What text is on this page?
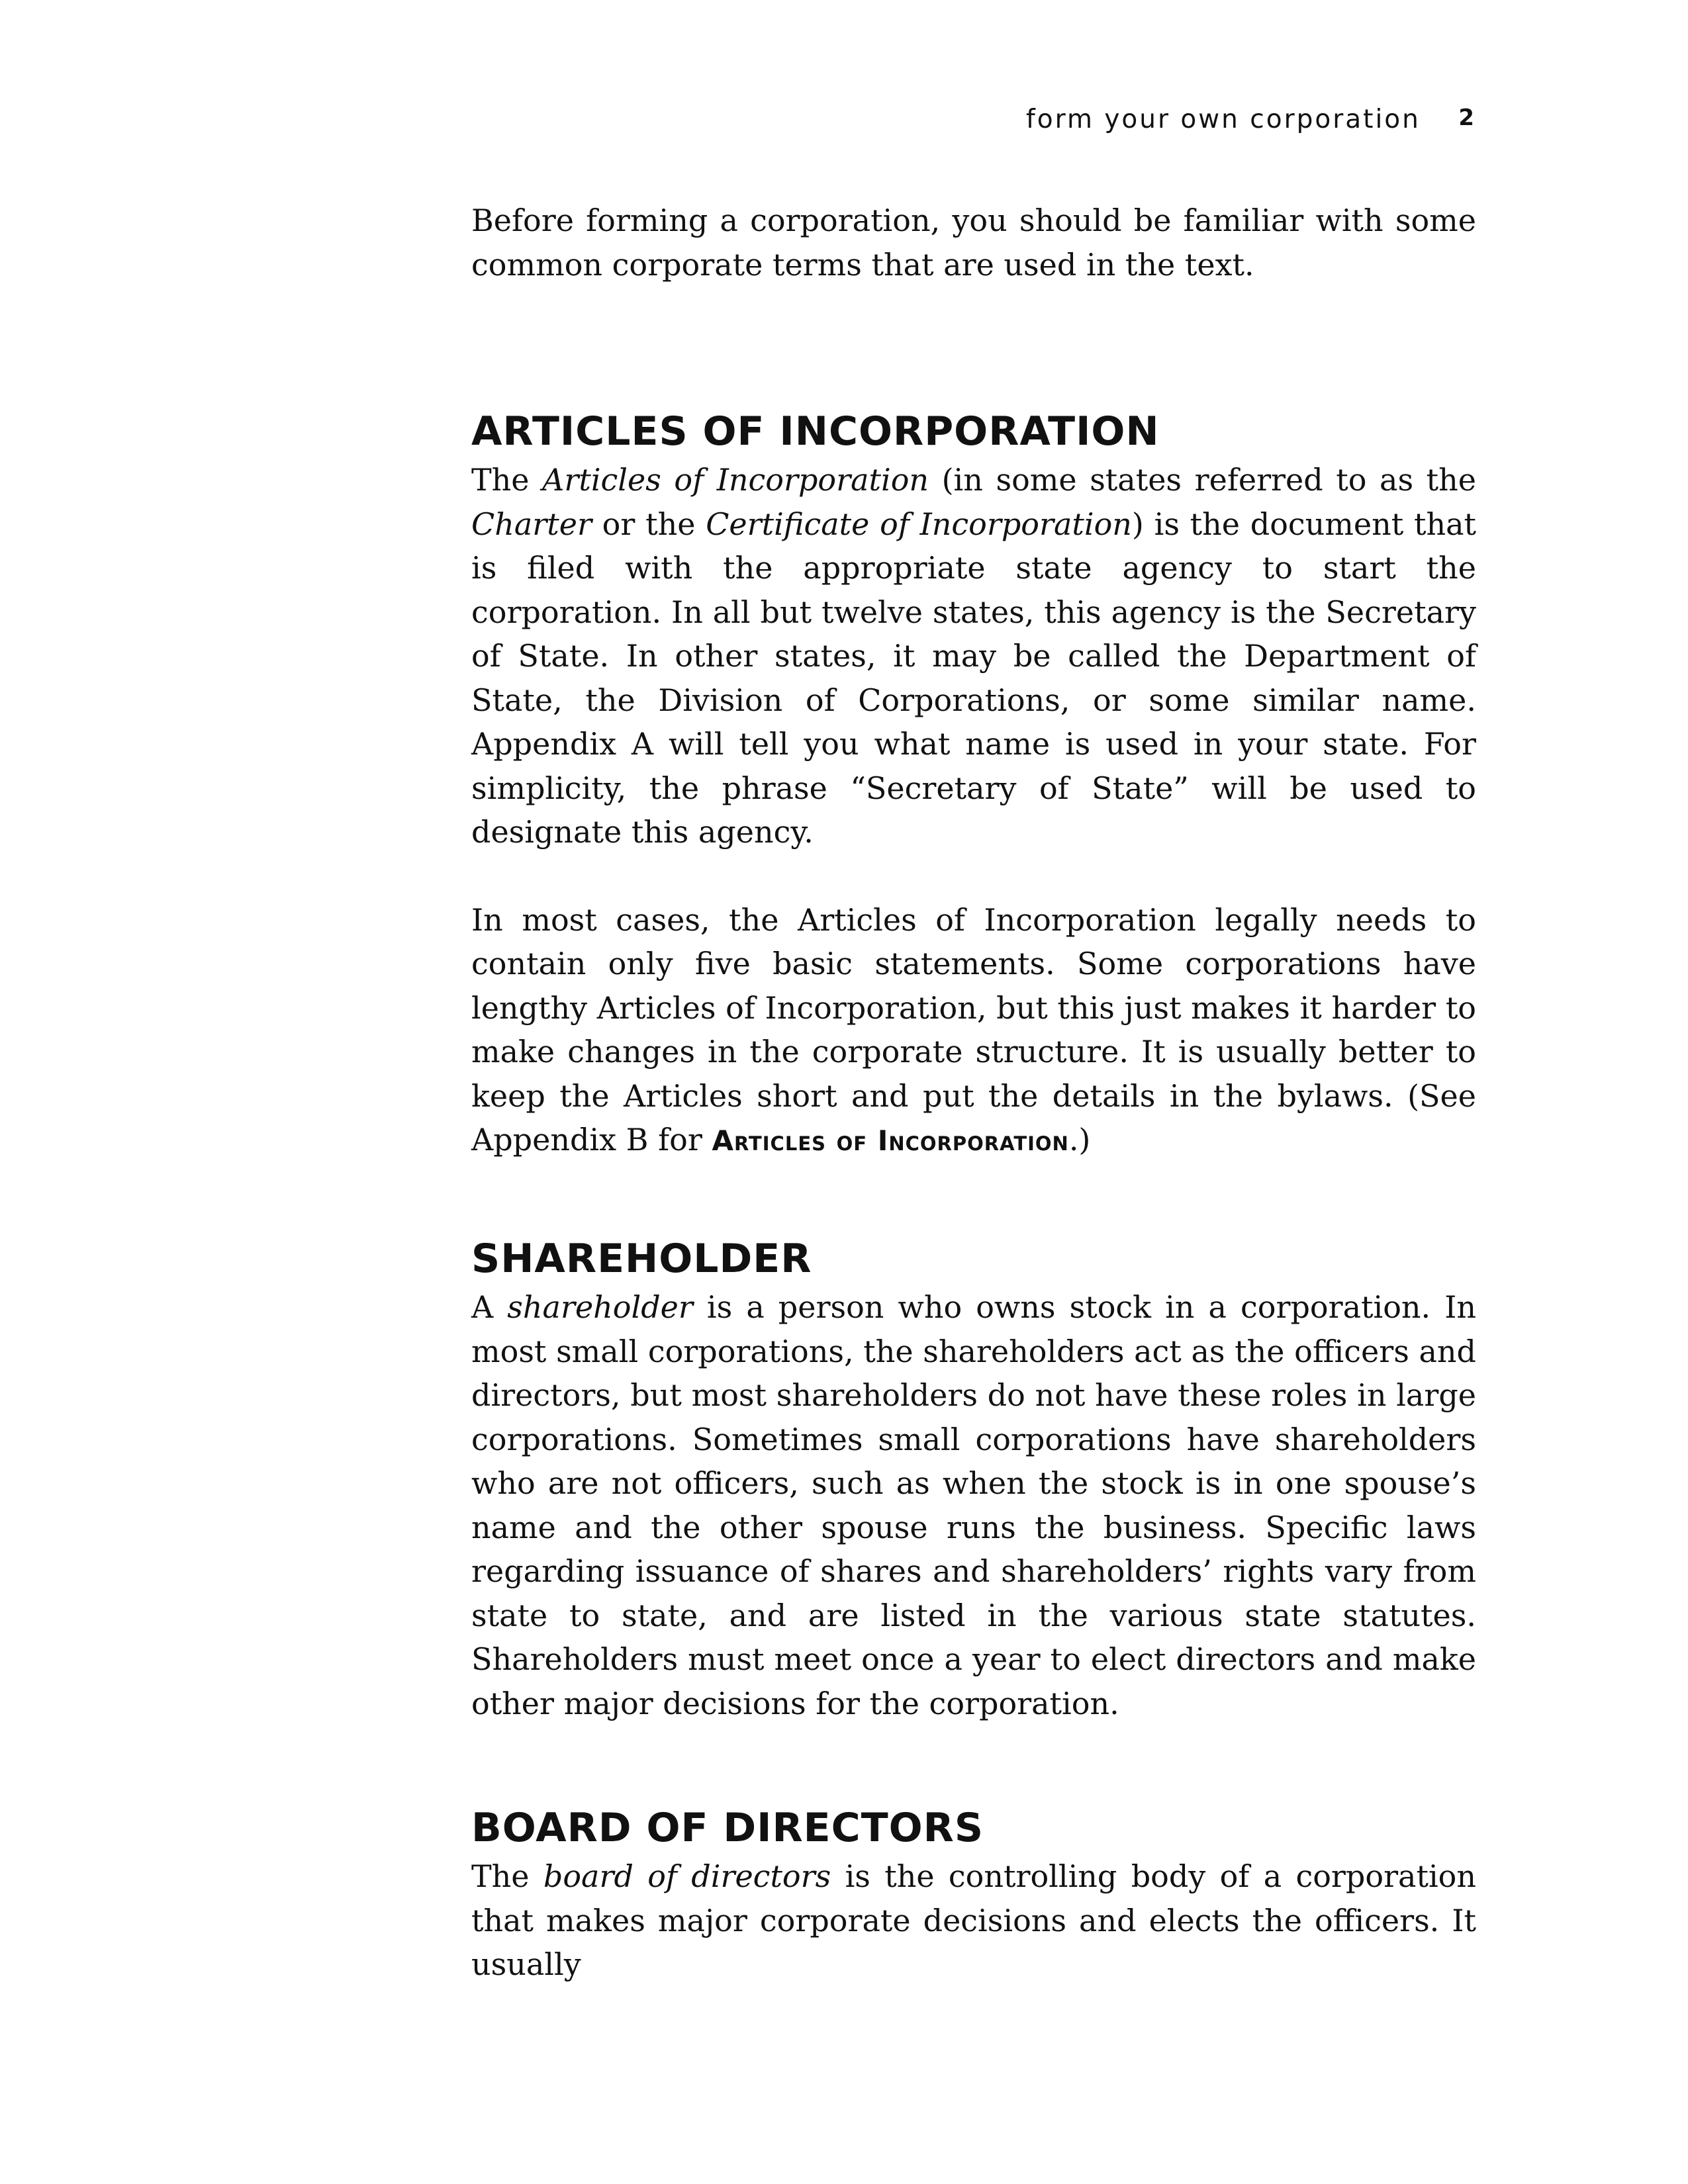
form your own corporation 2

Before forming a corporation, you should be familiar with some common corporate terms that are used in the text.

ARTICLES OF INCORPORATION

The Articles of Incorporation (in some states referred to as the Charter or the Certificate of Incorporation) is the document that is filed with the appropriate state agency to start the corporation. In all but twelve states, this agency is the Secretary of State. In other states, it may be called the Department of State, the Division of Corporations, or some similar name. Appendix A will tell you what name is used in your state. For simplicity, the phrase “Secretary of State” will be used to designate this agency.

In most cases, the Articles of Incorporation legally needs to contain only five basic statements. Some corporations have lengthy Articles of Incorporation, but this just makes it harder to make changes in the corporate structure. It is usually better to keep the Articles short and put the details in the bylaws. (See Appendix B for Articles of Incorporation.)

SHAREHOLDER

A shareholder is a person who owns stock in a corporation. In most small corporations, the shareholders act as the officers and directors, but most shareholders do not have these roles in large corporations. Sometimes small corporations have shareholders who are not officers, such as when the stock is in one spouse’s name and the other spouse runs the business. Specific laws regarding issuance of shares and shareholders’ rights vary from state to state, and are listed in the various state statutes. Shareholders must meet once a year to elect directors and make other major decisions for the corporation.

BOARD OF DIRECTORS

The board of directors is the controlling body of a corporation that makes major corporate decisions and elects the officers. It usually
